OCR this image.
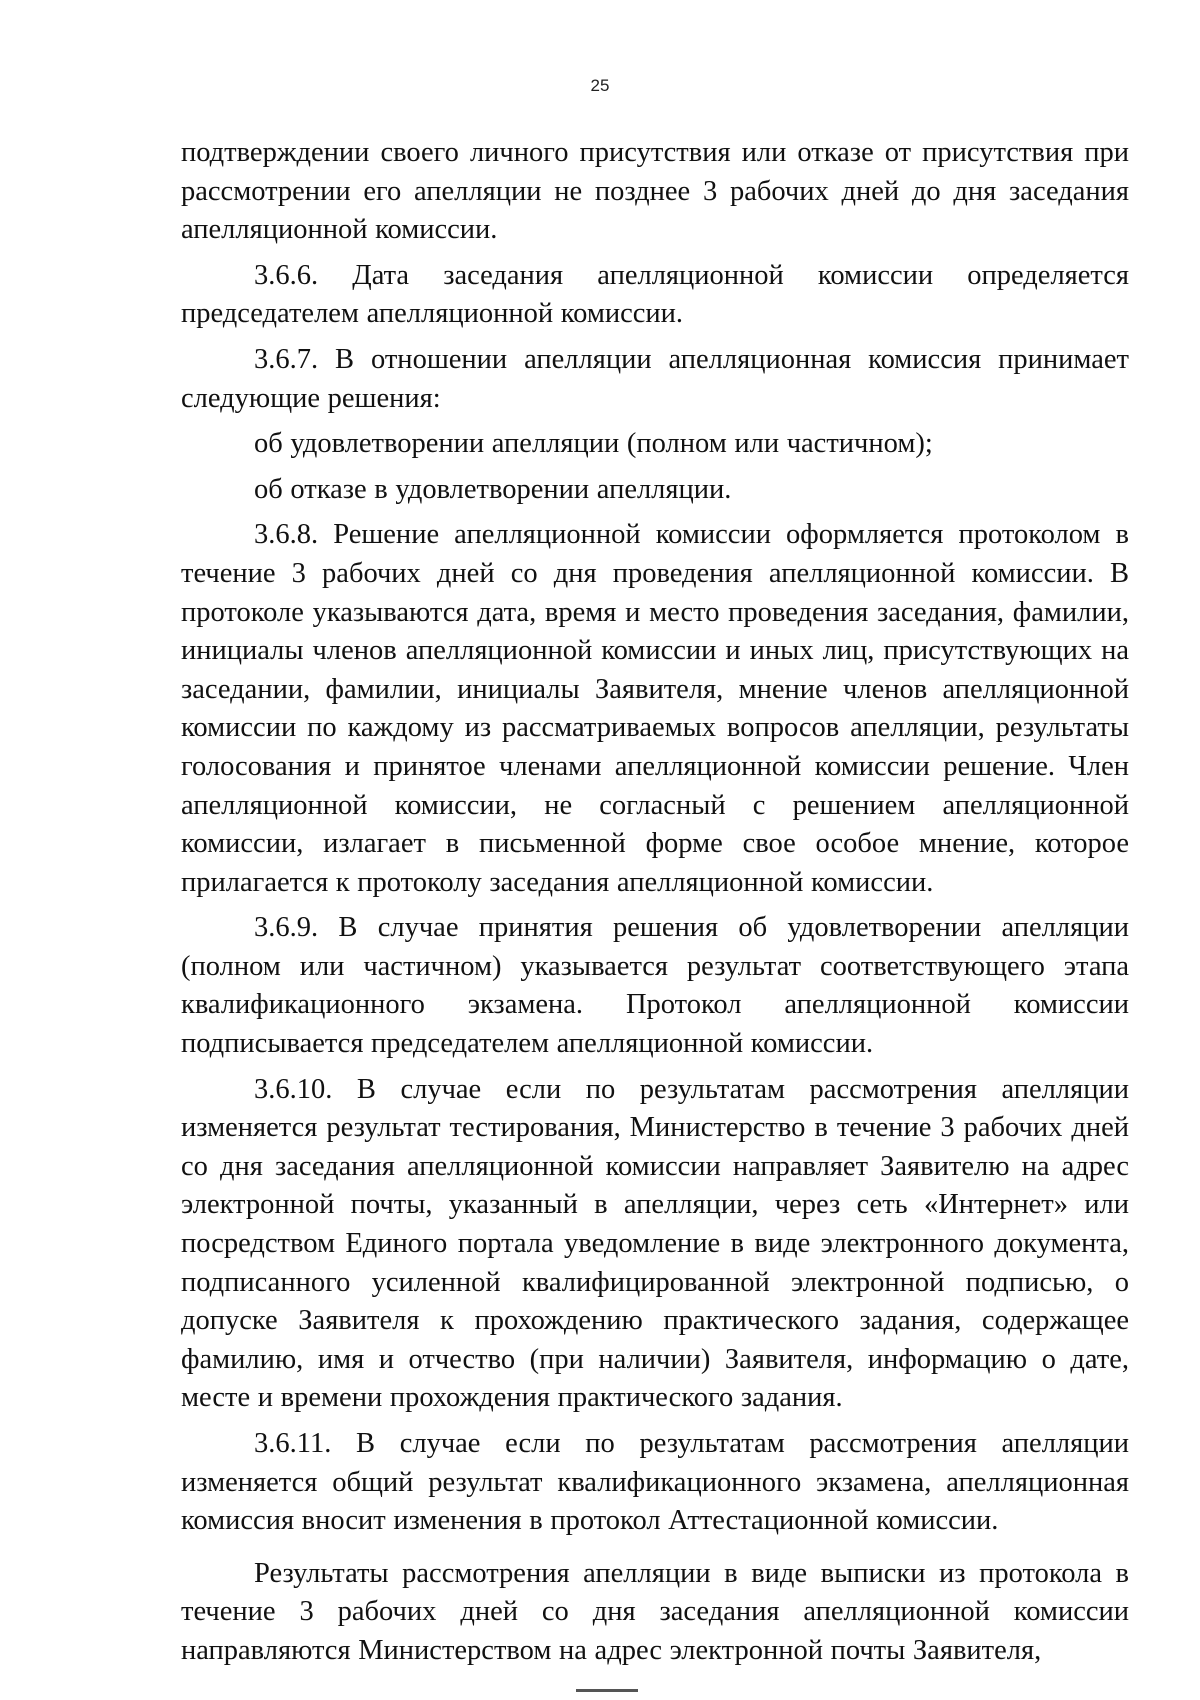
25

подтверждении своего личного присутствия или отказе от присутствия при рассмотрении его апелляции не позднее 3 рабочих дней до дня заседания апелляционной комиссии.

3.6.6. Дата заседания апелляционной комиссии определяется председателем апелляционной комиссии.

3.6.7. В отношении апелляции апелляционная комиссия принимает следующие решения:

об удовлетворении апелляции (полном или частичном);

об отказе в удовлетворении апелляции.

3.6.8. Решение апелляционной комиссии оформляется протоколом в течение 3 рабочих дней со дня проведения апелляционной комиссии. В протоколе указываются дата, время и место проведения заседания, фамилии, инициалы членов апелляционной комиссии и иных лиц, присутствующих на заседании, фамилии, инициалы Заявителя, мнение членов апелляционной комиссии по каждому из рассматриваемых вопросов апелляции, результаты голосования и принятое членами апелляционной комиссии решение. Член апелляционной комиссии, не согласный с решением апелляционной комиссии, излагает в письменной форме свое особое мнение, которое прилагается к протоколу заседания апелляционной комиссии.

3.6.9. В случае принятия решения об удовлетворении апелляции (полном или частичном) указывается результат соответствующего этапа квалификационного экзамена. Протокол апелляционной комиссии подписывается председателем апелляционной комиссии.

3.6.10. В случае если по результатам рассмотрения апелляции изменяется результат тестирования, Министерство в течение 3 рабочих дней со дня заседания апелляционной комиссии направляет Заявителю на адрес электронной почты, указанный в апелляции, через сеть «Интернет» или посредством Единого портала уведомление в виде электронного документа, подписанного усиленной квалифицированной электронной подписью, о допуске Заявителя к прохождению практического задания, содержащее фамилию, имя и отчество (при наличии) Заявителя, информацию о дате, месте и времени прохождения практического задания.

3.6.11. В случае если по результатам рассмотрения апелляции изменяется общий результат квалификационного экзамена, апелляционная комиссия вносит изменения в протокол Аттестационной комиссии.

Результаты рассмотрения апелляции в виде выписки из протокола в течение 3 рабочих дней со дня заседания апелляционной комиссии направляются Министерством на адрес электронной почты Заявителя,
